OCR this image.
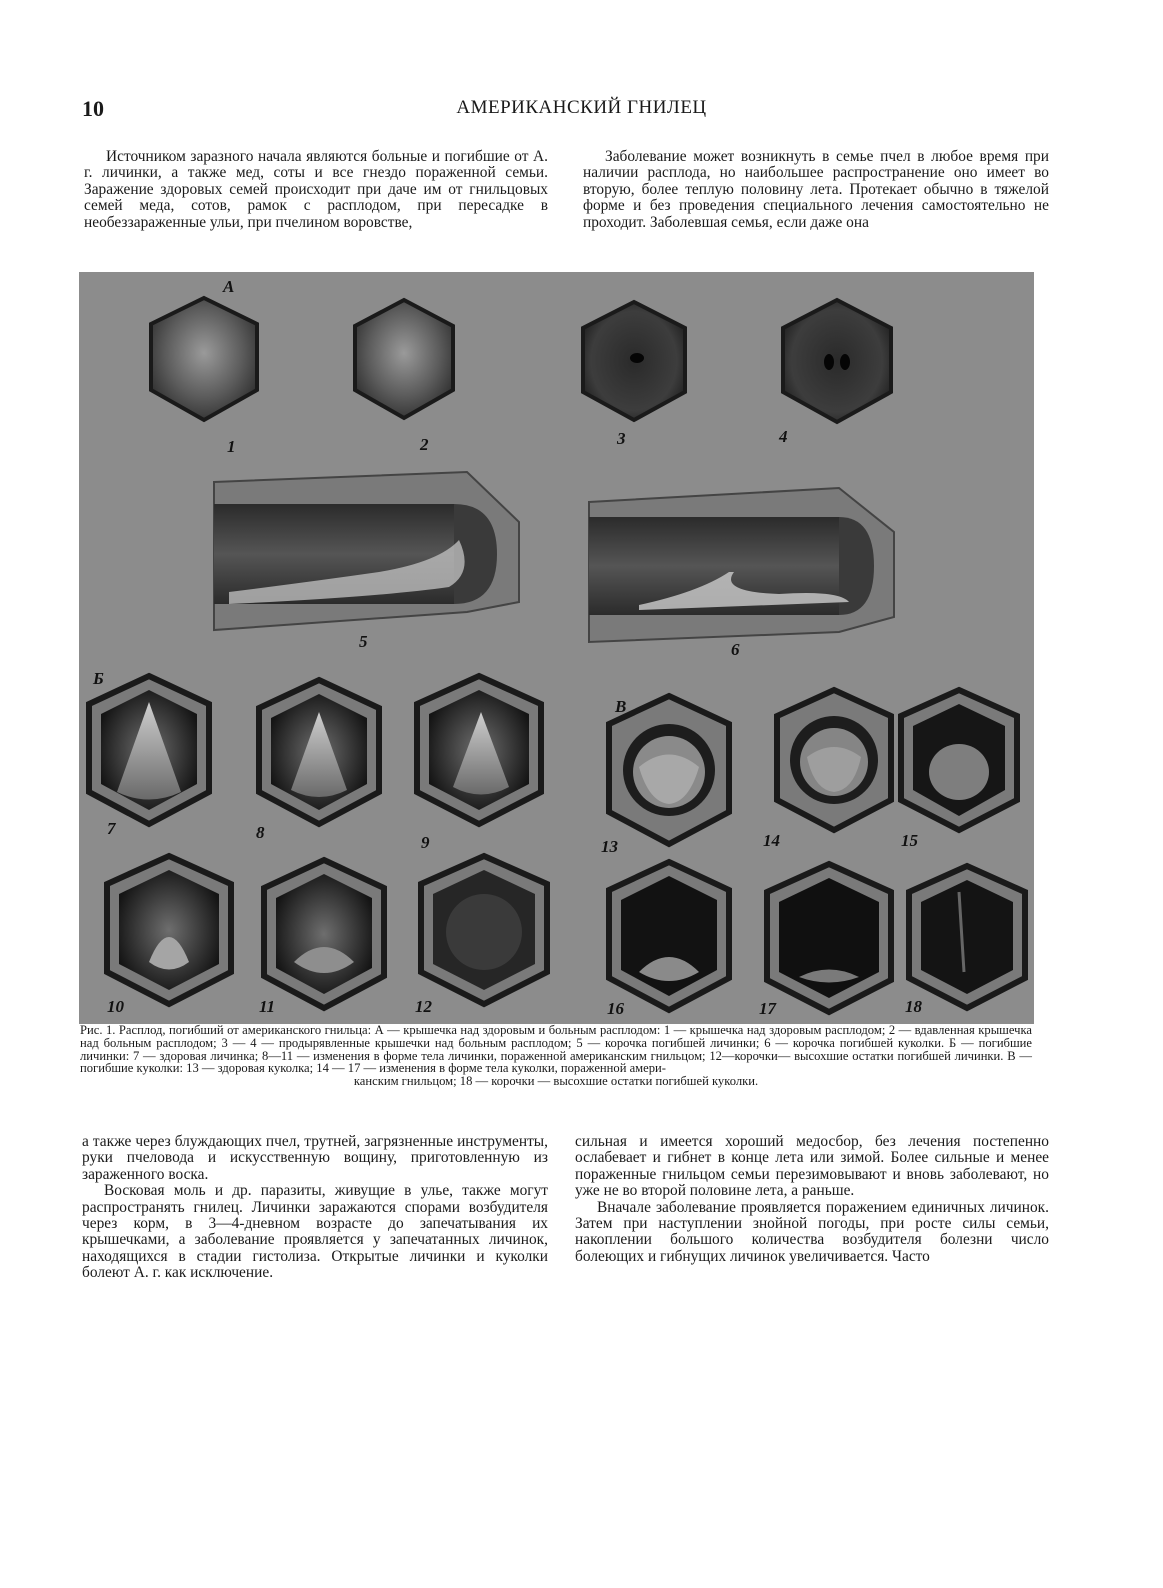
10	АМЕРИКАНСКИЙ ГНИЛЕЦ

Источником заразного начала являются больные и погибшие от А. г. личинки, а также мед, соты и все гнездо пораженной семьи. Заражение здоровых семей происходит при даче им от гнильцовых семей меда, сотов, рамок с расплодом, при пересадке в необеззараженные ульи, при пчелином воровстве,

Заболевание может возникнуть в семье пчел в любое время при наличии расплода, но наибольшее распространение оно имеет во вторую, более теплую половину лета. Протекает обычно в тяжелой форме и без проведения специального лечения самостоятельно не проходит. Заболевшая семья, если даже она

А
Б
В
1	2	3	4
5	6
7	8
9
10	11	12
13	14	15
16	17	18
Рис. 1. Расплод, погибший от американского гнильца: А — крышечка над здоровым и больным расплодом: 1 — крышечка над здоровым расплодом; 2 — вдавленная крышечка над больным расплодом; 3 — 4 — продырявленные крышечки над больным расплодом; 5 — корочка погибшей личинки; 6 — корочка погибшей куколки. Б — погибшие личинки: 7 — здоровая личинка; 8—11 — изменения в форме тела личинки, пораженной американским гнильцом; 12—корочки— высохшие остатки погибшей личинки. В — погибшие куколки: 13 — здоровая куколка; 14 — 17 — изменения в форме тела куколки, пораженной амери-
канским гнильцом; 18 — корочки — высохшие остатки погибшей куколки.

а также через блуждающих пчел, трутней, загрязненные инструменты, руки пчеловода и искусственную вощину, приготовленную из зараженного воска.

Восковая моль и др. паразиты, живущие в улье, также могут распространять гнилец. Личинки заражаются спорами возбудителя через корм, в 3—4-дневном возрасте до запечатывания их крышечками, а заболевание проявляется у запечатанных личинок, находящихся в стадии гистолиза. Открытые личинки и куколки болеют А. г. как исключение.

сильная и имеется хороший медосбор, без лечения постепенно ослабевает и гибнет в конце лета или зимой. Более сильные и менее пораженные гнильцом семьи перезимовывают и вновь заболевают, но уже не во второй половине лета, а раньше.

Вначале заболевание проявляется поражением единичных личинок. Затем при наступлении знойной погоды, при росте силы семьи, накоплении большого количества возбудителя болезни число болеющих и гибнущих личинок увеличивается. Часто
